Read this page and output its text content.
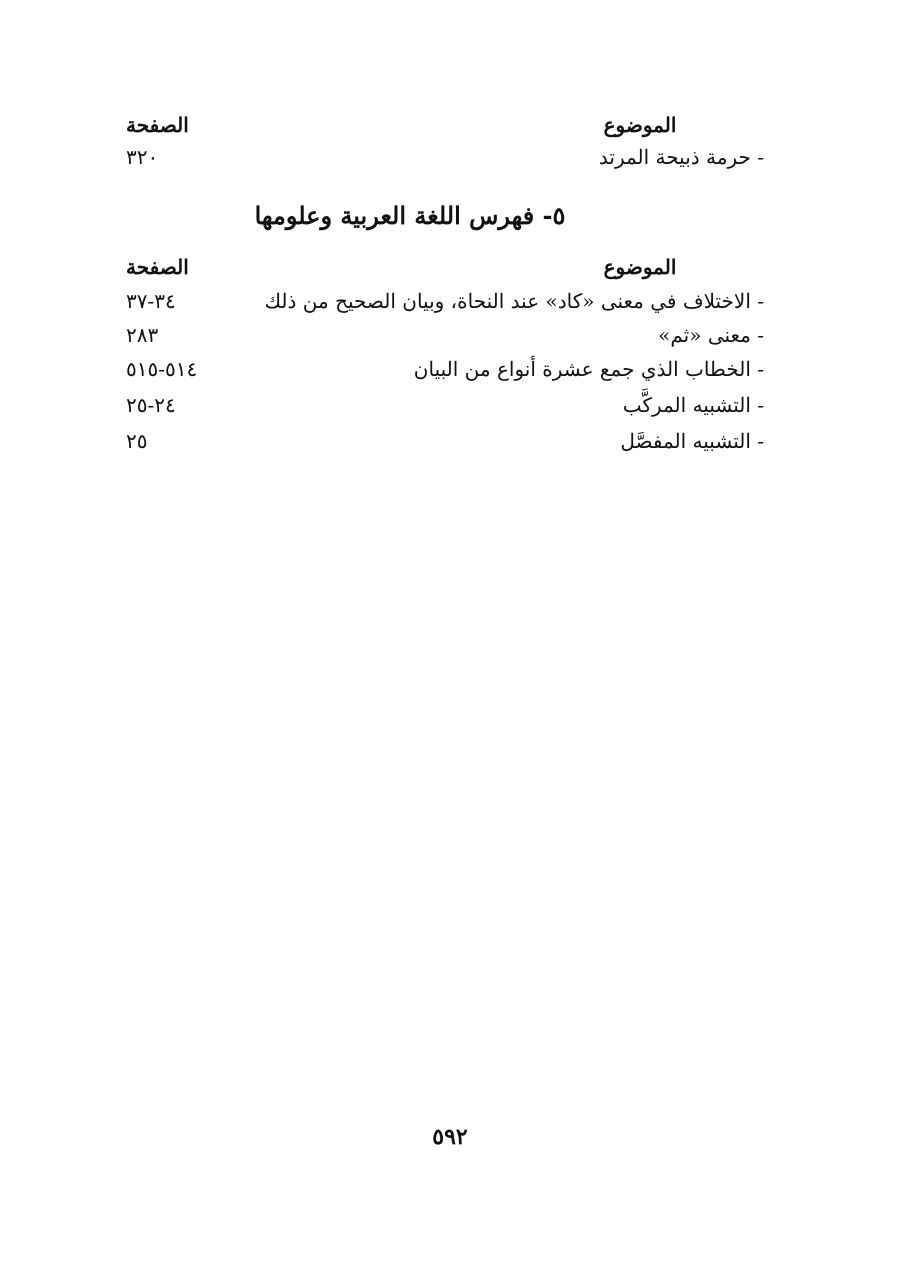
الموضوع
الصفحة
- حرمة ذبيحة المرتد
٣٢٠
٥- فهرس اللغة العربية وعلومها
الموضوع
الصفحة
- الاختلاف في معنى «كاد» عند النحاة، وبيان الصحيح من ذلك
٣٤-٣٧
- معنى «ثم»
٢٨٣
- الخطاب الذي جمع عشرة أنواع من البيان
٥١٤-٥١٥
- التشبيه المركَّب
٢٤-٢٥
- التشبيه المفصَّل
٢٥
٥٩٢
